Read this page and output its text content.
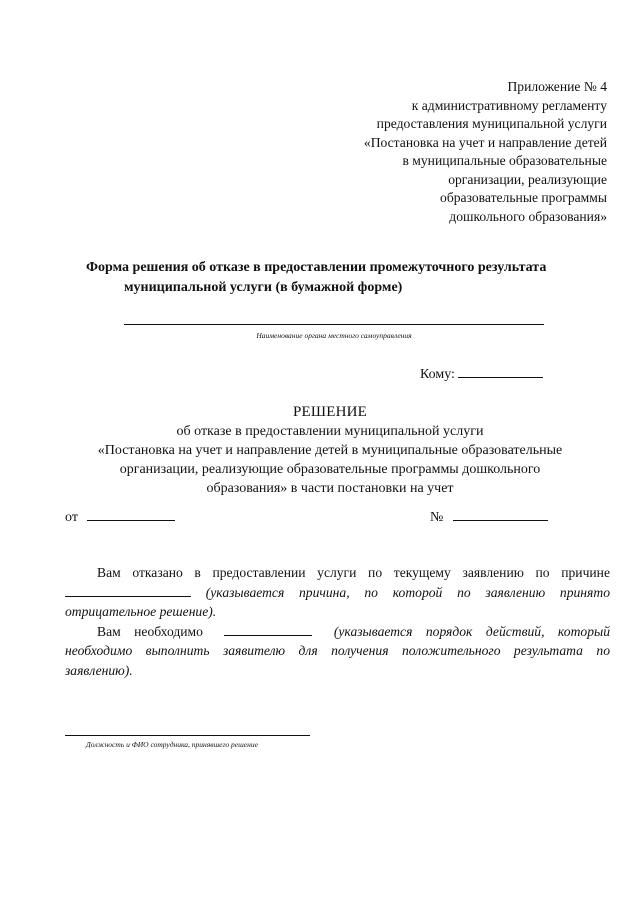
Приложение № 4
к административному регламенту
предоставления муниципальной услуги
«Постановка на учет и направление детей
в муниципальные образовательные
организации, реализующие
образовательные программы
дошкольного образования»
Форма решения об отказе в предоставлении промежуточного результата
муниципальной услуги (в бумажной форме)
Наименование органа местного самоуправления
Кому:
РЕШЕНИЕ
об отказе в предоставлении муниципальной услуги
«Постановка на учет и направление детей в муниципальные образовательные
организации, реализующие образовательные программы дошкольного
образования» в части постановки на учет
от	№

Вам отказано в предоставлении услуги по текущему заявлению по причине  (указывается причина, по которой по заявлению принято отрицательное решение).

Вам необходимо	(указывается порядок действий, который необходимо выполнить заявителю для получения положительного результата по заявлению).

Должность и ФИО сотрудника, принявшего решение
